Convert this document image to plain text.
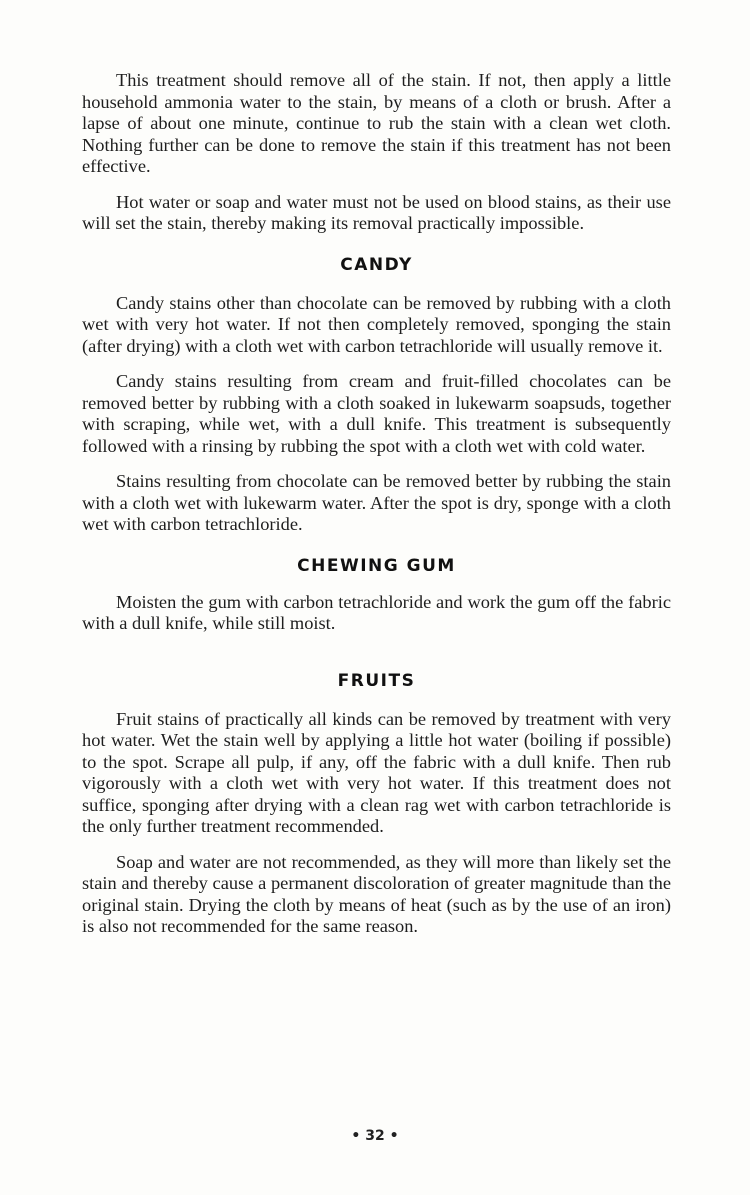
This treatment should remove all of the stain. If not, then apply a little household ammonia water to the stain, by means of a cloth or brush. After a lapse of about one minute, continue to rub the stain with a clean wet cloth. Nothing further can be done to remove the stain if this treatment has not been effective.

Hot water or soap and water must not be used on blood stains, as their use will set the stain, thereby making its removal practically impossible.

CANDY

Candy stains other than chocolate can be removed by rubbing with a cloth wet with very hot water. If not then completely removed, sponging the stain (after drying) with a cloth wet with carbon tetrachloride will usually remove it.

Candy stains resulting from cream and fruit-filled chocolates can be removed better by rubbing with a cloth soaked in lukewarm soapsuds, together with scraping, while wet, with a dull knife. This treatment is subsequently followed with a rinsing by rubbing the spot with a cloth wet with cold water.

Stains resulting from chocolate can be removed better by rubbing the stain with a cloth wet with lukewarm water. After the spot is dry, sponge with a cloth wet with carbon tetrachloride.

CHEWING GUM

Moisten the gum with carbon tetrachloride and work the gum off the fabric with a dull knife, while still moist.

FRUITS

Fruit stains of practically all kinds can be removed by treatment with very hot water. Wet the stain well by applying a little hot water (boiling if possible) to the spot. Scrape all pulp, if any, off the fabric with a dull knife. Then rub vigorously with a cloth wet with very hot water. If this treatment does not suffice, sponging after drying with a clean rag wet with carbon tetrachloride is the only further treatment recommended.

Soap and water are not recommended, as they will more than likely set the stain and thereby cause a permanent discoloration of greater magnitude than the original stain. Drying the cloth by means of heat (such as by the use of an iron) is also not recommended for the same reason.

• 32 •
